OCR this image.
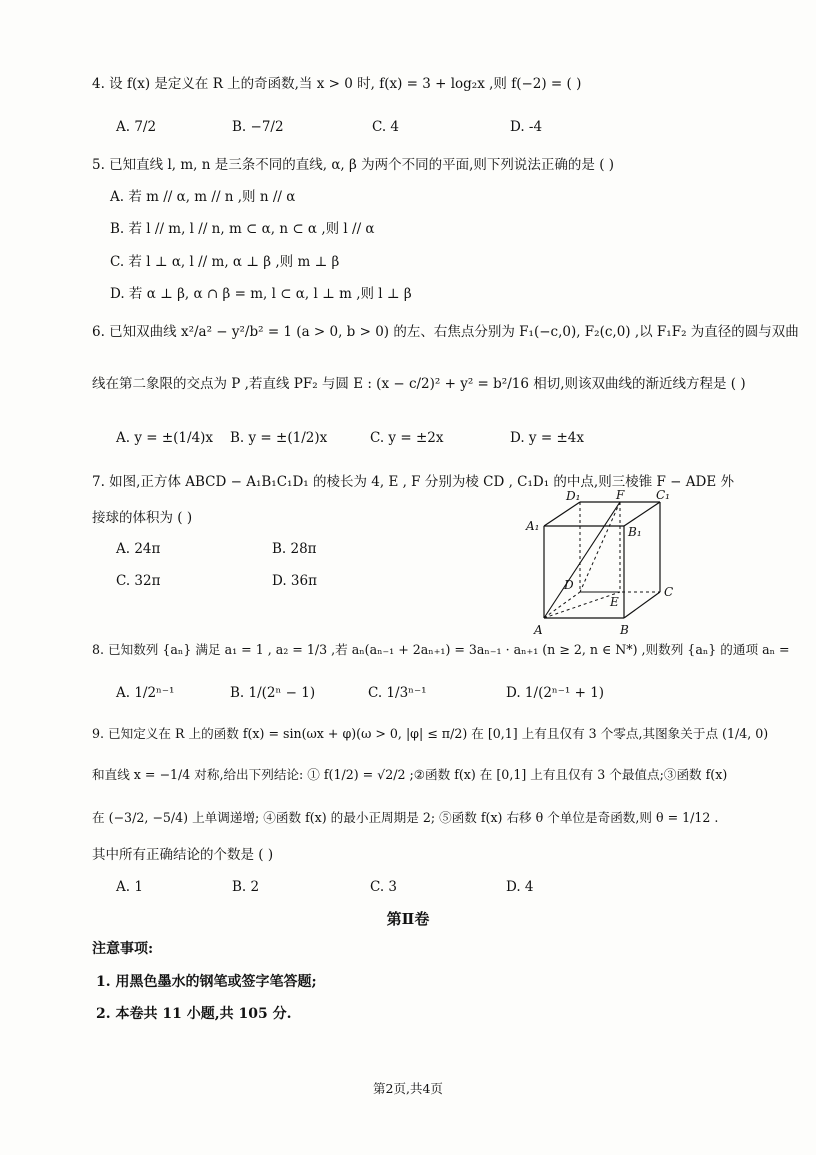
4. 设 f(x) 是定义在 R 上的奇函数,当 x > 0 时, f(x) = 3 + log₂x ,则 f(−2) = ( )
A. 7/2	B. −7/2	C. 4	D. -4
5. 已知直线 l, m, n 是三条不同的直线, α, β 为两个不同的平面,则下列说法正确的是 ( )
A. 若 m // α, m // n ,则 n // α
B. 若 l // m, l // n, m ⊂ α, n ⊂ α ,则 l // α
C. 若 l ⊥ α, l // m, α ⊥ β ,则 m ⊥ β
D. 若 α ⊥ β, α ∩ β = m, l ⊂ α, l ⊥ m ,则 l ⊥ β
6. 已知双曲线 x²/a² − y²/b² = 1 (a > 0, b > 0) 的左、右焦点分别为 F₁(−c,0), F₂(c,0) ,以 F₁F₂ 为直径的圆与双曲
线在第二象限的交点为 P ,若直线 PF₂ 与圆 E : (x − c/2)² + y² = b²/16 相切,则该双曲线的渐近线方程是 ( )
A. y = ±(1/4)x B. y = ±(1/2)x	C. y = ±2x	D. y = ±4x
7. 如图,正方体 ABCD − A₁B₁C₁D₁ 的棱长为 4, E , F 分别为棱 CD , C₁D₁ 的中点,则三棱锥 F − ADE 外
接球的体积为 ( )
A. 24π	B. 28π
C. 32π	D. 36π
D₁	F	C₁
A₁	B₁
D
E
C
A	B
8. 已知数列 {aₙ} 满足 a₁ = 1 , a₂ = 1/3 ,若 aₙ(aₙ₋₁ + 2aₙ₊₁) = 3aₙ₋₁ · aₙ₊₁ (n ≥ 2, n ∈ N*) ,则数列 {aₙ} 的通项 aₙ =
A. 1/2ⁿ⁻¹	B. 1/(2ⁿ − 1)	C. 1/3ⁿ⁻¹	D. 1/(2ⁿ⁻¹ + 1)
9. 已知定义在 R 上的函数 f(x) = sin(ωx + φ)(ω > 0, |φ| ≤ π/2) 在 [0,1] 上有且仅有 3 个零点,其图象关于点 (1/4, 0)
和直线 x = −1/4 对称,给出下列结论: ① f(1/2) = √2/2 ;②函数 f(x) 在 [0,1] 上有且仅有 3 个最值点;③函数 f(x)
在 (−3/2, −5/4) 上单调递增; ④函数 f(x) 的最小正周期是 2; ⑤函数 f(x) 右移 θ 个单位是奇函数,则 θ = 1/12 .
其中所有正确结论的个数是 ( )
A. 1	B. 2	C. 3	D. 4
第Ⅱ卷
注意事项:
1. 用黑色墨水的钢笔或签字笔答题;
2. 本卷共 11 小题,共 105 分.
第2页,共4页
